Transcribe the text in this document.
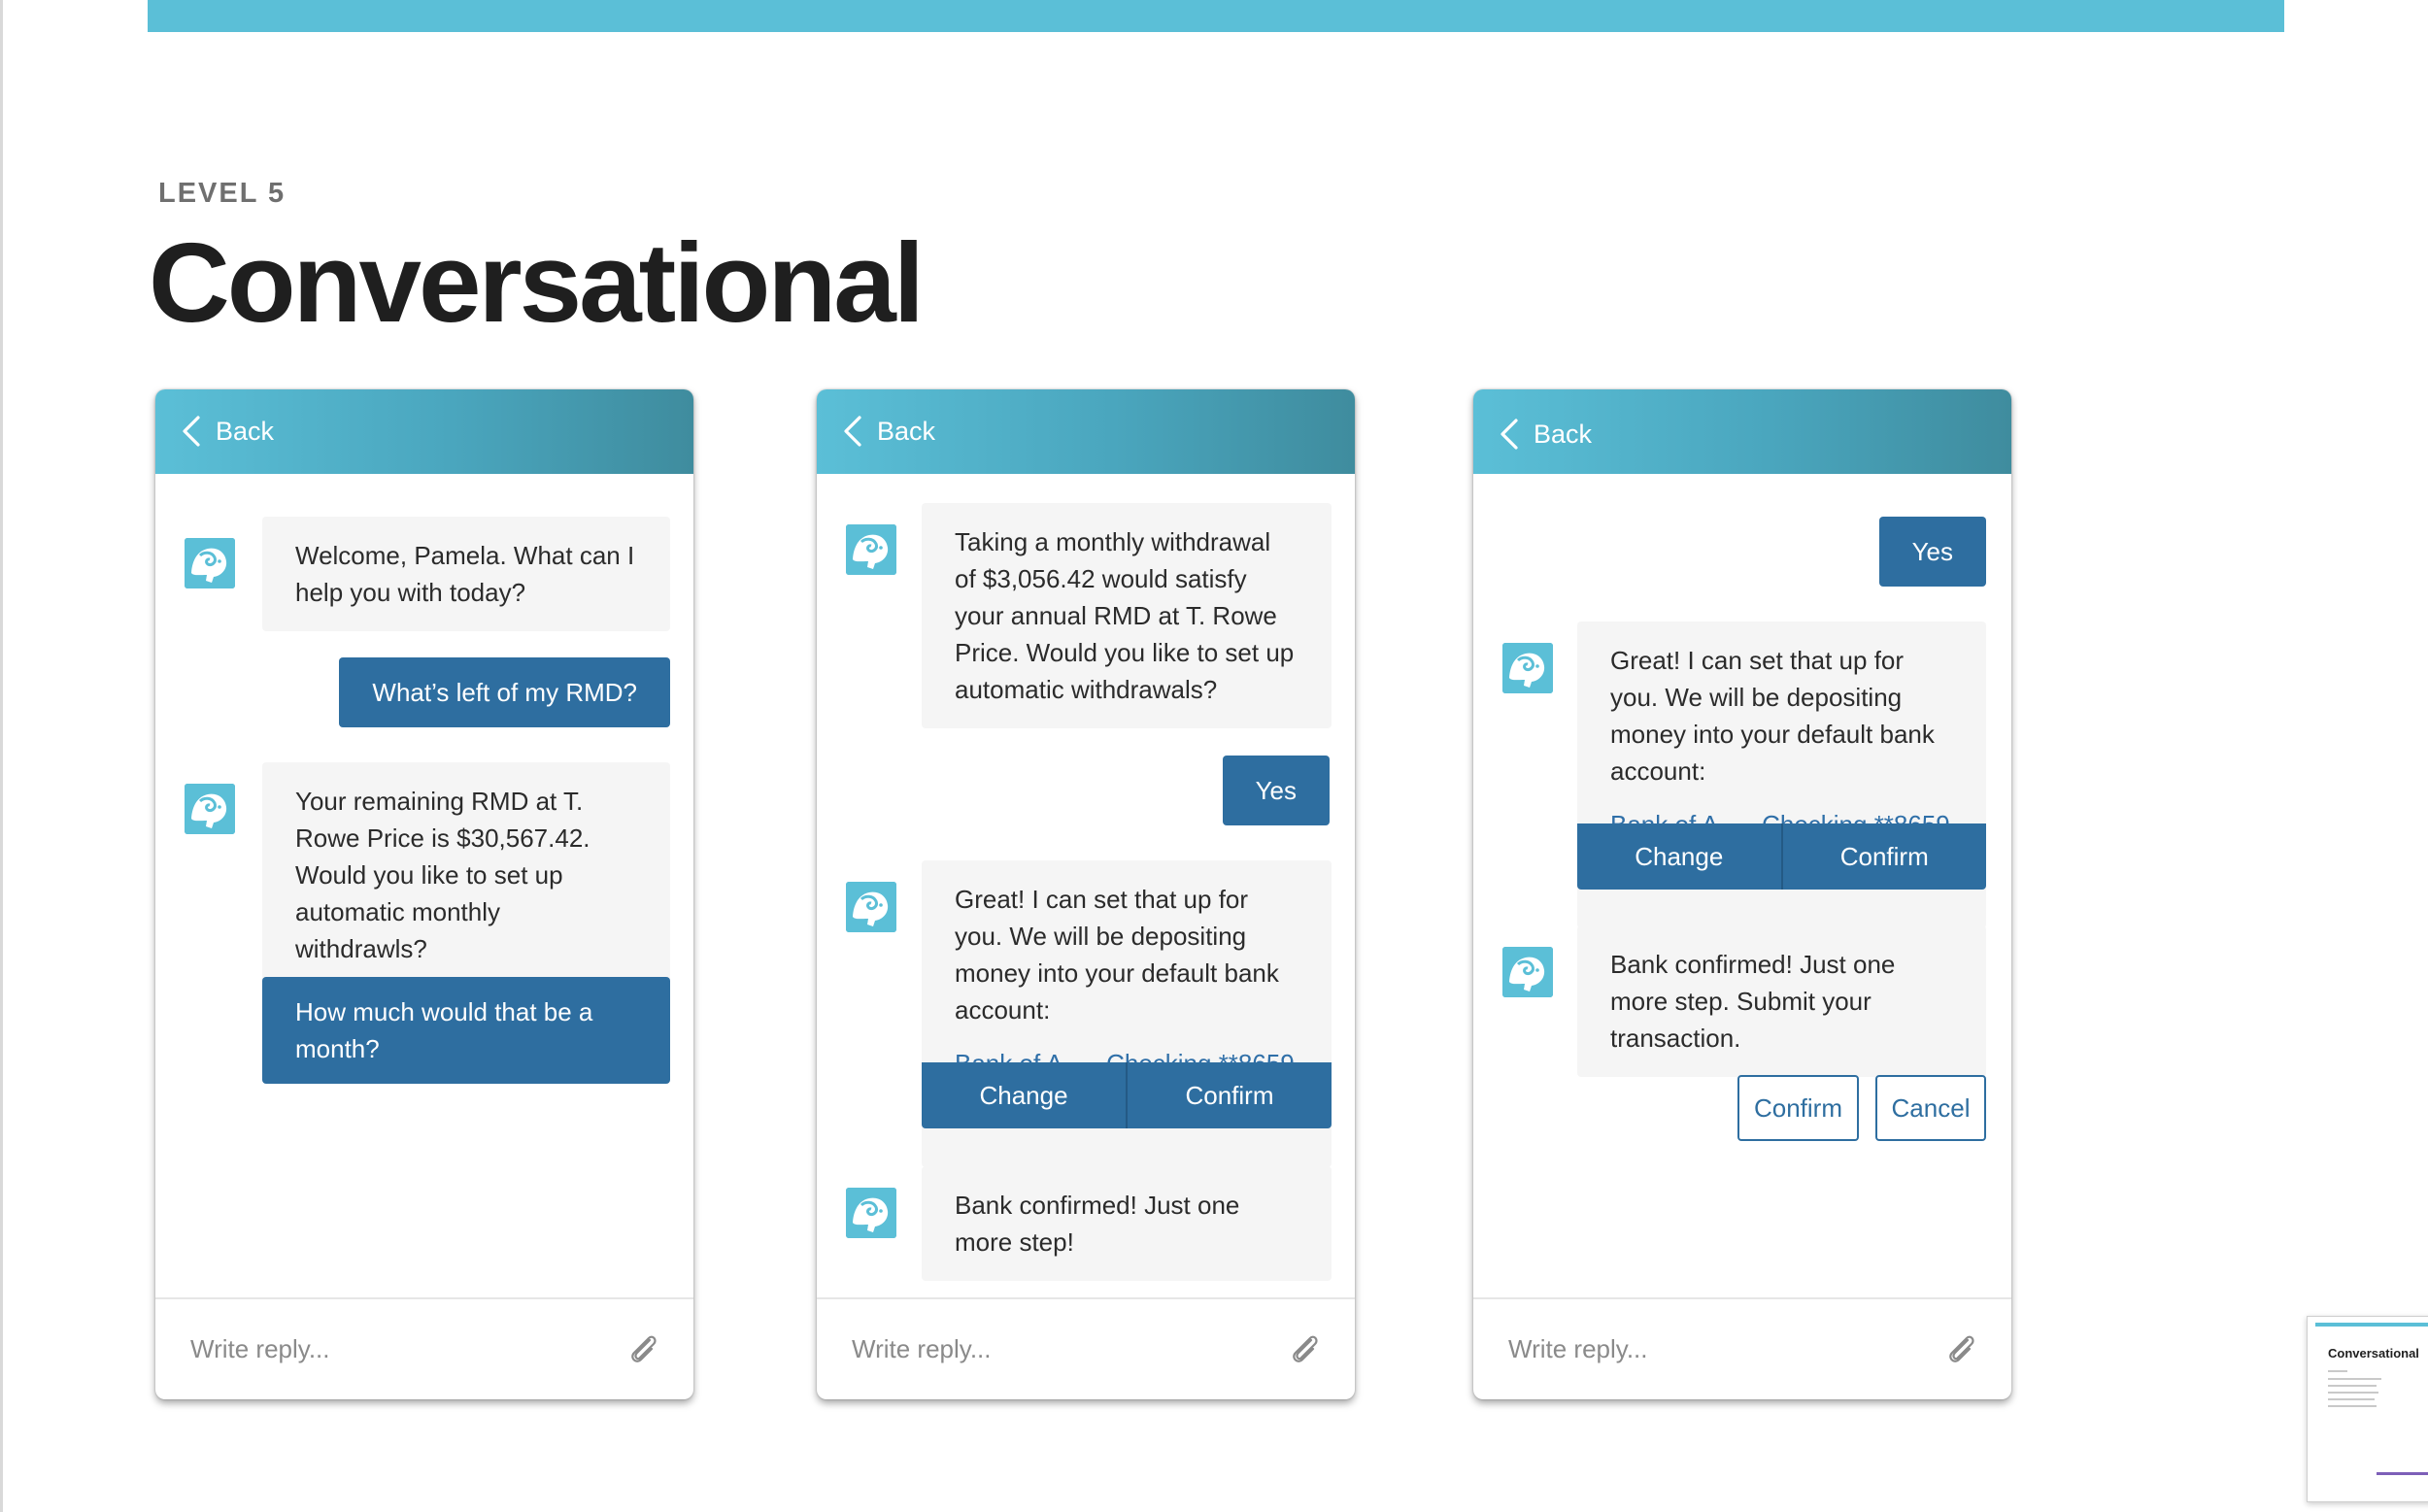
LEVEL 5
Conversational
Back
Welcome, Pamela. What can I help you with today?
What’s left of my RMD?
Your remaining RMD at T. Rowe Price is $30,567.42. Would you like to set up automatic monthly withdrawls?
How much would that be a month?
Write reply...
Back
Taking a monthly withdrawal of $3,056.42 would satisfy your annual RMD at T. Rowe Price. Would you like to set up automatic withdrawals?
Yes
Great! I can set that up for you. We will be depositing money into your default bank account:
Change	Confirm
Bank confirmed! Just one more step!
Write reply...
Back
Yes
Great! I can set that up for you. We will be depositing money into your default bank account:
Change	Confirm
Bank confirmed! Just one more step. Submit your transaction.
Confirm	Cancel
Write reply...
Conversational
